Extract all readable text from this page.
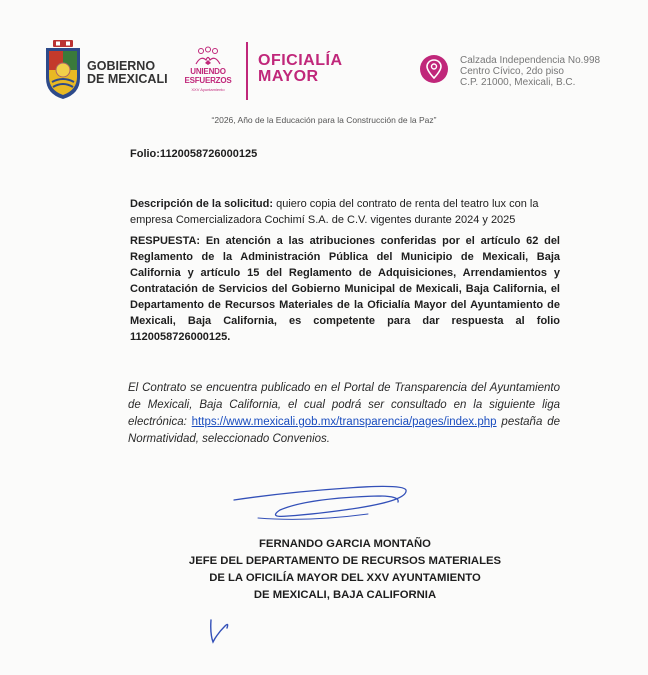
GOBIERNO
DE MEXICALI
UNIENDO
ESFUERZOS
XXV Ayuntamiento
OFICIALÍA
MAYOR
Calzada Independencia No.998
Centro Cívico, 2do piso
C.P. 21000, Mexicali, B.C.
“2026, Año de la Educación para la Construcción de la Paz”
Folio:1120058726000125
Descripción de la solicitud: quiero copia del contrato de renta del teatro lux con la empresa Comercializadora Cochimí S.A. de C.V. vigentes durante 2024 y 2025
RESPUESTA: En atención a las atribuciones conferidas por el artículo 62 del Reglamento de la Administración Pública del Municipio de Mexicali, Baja California y artículo 15 del Reglamento de Adquisiciones, Arrendamientos y Contratación de Servicios del Gobierno Municipal de Mexicali, Baja California, el Departamento de Recursos Materiales de la Oficialía Mayor del Ayuntamiento de Mexicali, Baja California, es competente para dar respuesta al folio 1120058726000125.
El Contrato se encuentra publicado en el Portal de Transparencia del Ayuntamiento de Mexicali, Baja California, el cual podrá ser consultado en la siguiente liga electrónica: https://www.mexicali.gob.mx/transparencia/pages/index.php pestaña de Normatividad, seleccionado Convenios.
FERNANDO GARCIA MONTAÑO
JEFE DEL DEPARTAMENTO DE RECURSOS MATERIALES
DE LA OFICILÍA MAYOR DEL XXV AYUNTAMIENTO
DE MEXICALI, BAJA CALIFORNIA
